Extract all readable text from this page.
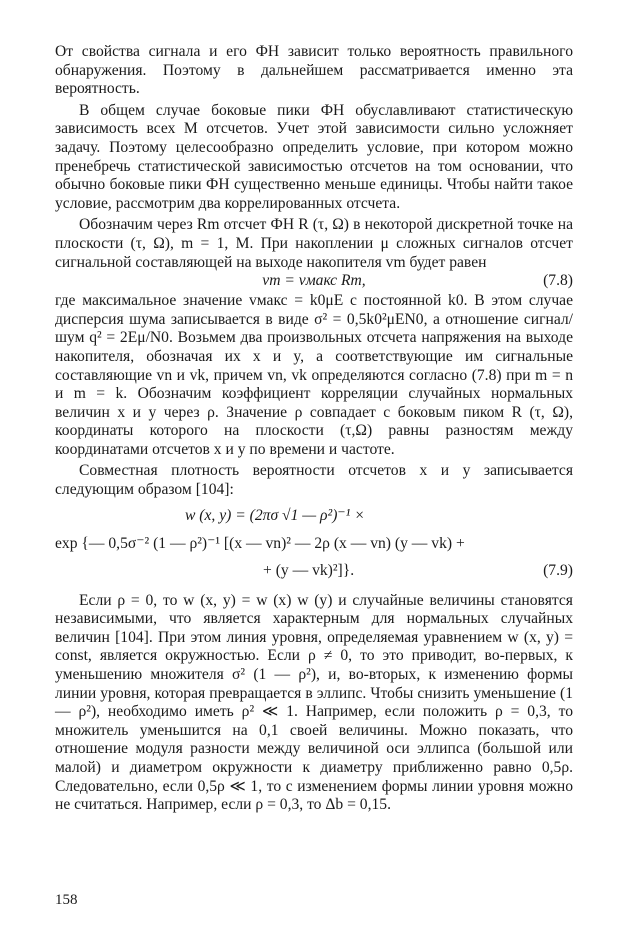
От свойства сигнала и его ФН зависит только вероятность правильного обнаружения. Поэтому в дальнейшем рассматривается именно эта вероятность.

В общем случае боковые пики ФН обуславливают статистическую зависимость всех M отсчетов. Учет этой зависимости сильно усложняет задачу. Поэтому целесообразно определить условие, при котором можно пренебречь статистической зависимостью отсчетов на том основании, что обычно боковые пики ФН существенно меньше единицы. Чтобы найти такое условие, рассмотрим два коррелированных отсчета.

Обозначим через Rm отсчет ФН R (τ, Ω) в некоторой дискретной точке на плоскости (τ, Ω), m = 1, M. При накоплении μ сложных сигналов отсчет сигнальной составляющей на выходе накопителя vm будет равен

vm = vмакс Rm,	(7.8)

где максимальное значение vмакс = k0μE с постоянной k0. В этом случае дисперсия шума записывается в виде σ² = 0,5k0²μEN0, а отношение сигнал/шум q² = 2Eμ/N0. Возьмем два произвольных отсчета напряжения на выходе накопителя, обозначая их x и y, а соответствующие им сигнальные составляющие vn и vk, причем vn, vk определяются согласно (7.8) при m = n и m = k. Обозначим коэффициент корреляции случайных нормальных величин x и y через ρ. Значение ρ совпадает с боковым пиком R (τ, Ω), координаты которого на плоскости (τ,Ω) равны разностям между координатами отсчетов x и y по времени и частоте.

Совместная плотность вероятности отсчетов x и y записывается следующим образом [104]:

w (x, y) = (2πσ √1 — ρ²)⁻¹ ×
exp {— 0,5σ⁻² (1 — ρ²)⁻¹ [(x — vn)² — 2ρ (x — vn) (y — vk) +
+ (y — vk)²]}.	(7.9)

Если ρ = 0, то w (x, y) = w (x) w (y) и случайные величины становятся независимыми, что является характерным для нормальных случайных величин [104]. При этом линия уровня, определяемая уравнением w (x, y) = const, является окружностью. Если ρ ≠ 0, то это приводит, во-первых, к уменьшению множителя σ² (1 — ρ²), и, во-вторых, к изменению формы линии уровня, которая превращается в эллипс. Чтобы снизить уменьшение (1 — ρ²), необходимо иметь ρ² ≪ 1. Например, если положить ρ = 0,3, то множитель уменьшится на 0,1 своей величины. Можно показать, что отношение модуля разности между величиной оси эллипса (большой или малой) и диаметром окружности к диаметру приближенно равно 0,5ρ. Следовательно, если 0,5ρ ≪ 1, то с изменением формы линии уровня можно не считаться. Например, если ρ = 0,3, то Δb = 0,15.

158
